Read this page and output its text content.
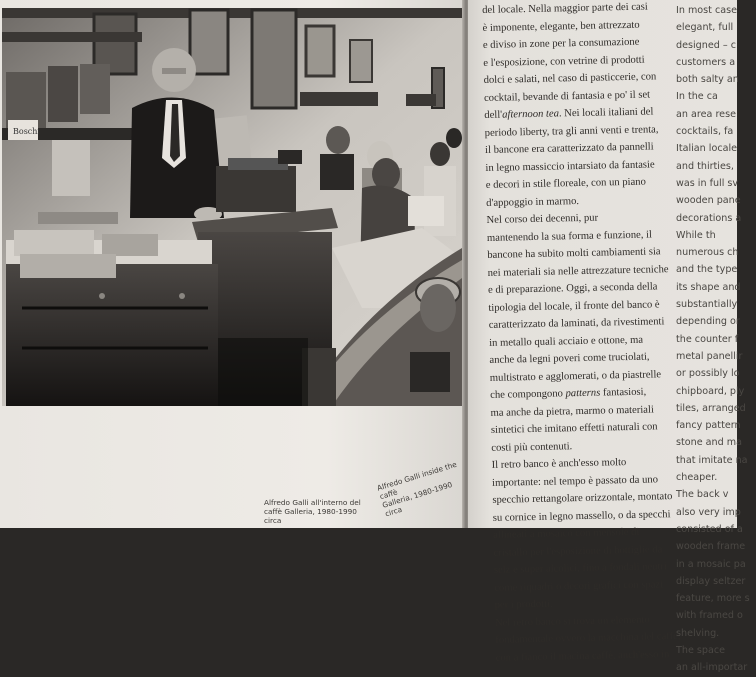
Boschi
Alfredo Galli all'interno del
caffè Galleria, 1980-1990 circa
Alfredo Galli inside the caffè
Galleria, 1980-1990 circa
del locale. Nella maggior parte dei casi
è imponente, elegante, ben attrezzato
e diviso in zone per la consumazione
e l'esposizione, con vetrine di prodotti
dolci e salati, nel caso di pasticcerie, con
cocktail, bevande di fantasia e po' il set
dell'afternoon tea. Nei locali italiani del
periodo liberty, tra gli anni venti e trenta,
il bancone era caratterizzato da pannelli
in legno massiccio intarsiato da fantasie
e decori in stile floreale, con un piano
d'appoggio in marmo.
Nel corso dei decenni, pur
mantenendo la sua forma e funzione, il
bancone ha subito molti cambiamenti sia
nei materiali sia nelle attrezzature tecniche
e di preparazione. Oggi, a seconda della
tipologia del locale, il fronte del banco è
caratterizzato da laminati, da rivestimenti
in metallo quali acciaio e ottone, ma
anche da legni poveri come truciolati,
multistrato e agglomerati, o da piastrelle
che compongono patterns fantasiosi,
ma anche da pietra, marmo o materiali
sintetici che imitano effetti naturali con
costi più contenuti.
Il retro banco è anch'esso molto
importante: nel tempo è passato da uno
specchio rettangolare orizzontale, montato
su cornice in legno massello, o da specchi
allineati a mosaico con mensole di
cristallo per l'esposizione di bottiglie da
selz e super alcolici, fino a fondali neutri
come riquadri o decori grafici con spazi
per i prodotti.
Nel retro banco si trova un elemento
fondamentale ovvero la macchina del caffè,
con a fianco il macina caffè, anch'esso in
In most case
elegant, full
designed – c
customers a
both salty an
In the ca
an area rese
cocktails, fa
Italian locale
and thirties,
was in full sv
wooden pane
decorations a
While th
numerous ch
and the type
its shape and
substantially
depending or
the counter f
metal panellir
or possibly lo
chipboard, ply
tiles, arranged
fancy pattern
stone and ma
that imitate na
cheaper.
The back v
also very imp
consisted of a
wooden frame
in a mosaic pa
display seltzer
feature, more s
with framed o
shelving.
The space
an all-importar
